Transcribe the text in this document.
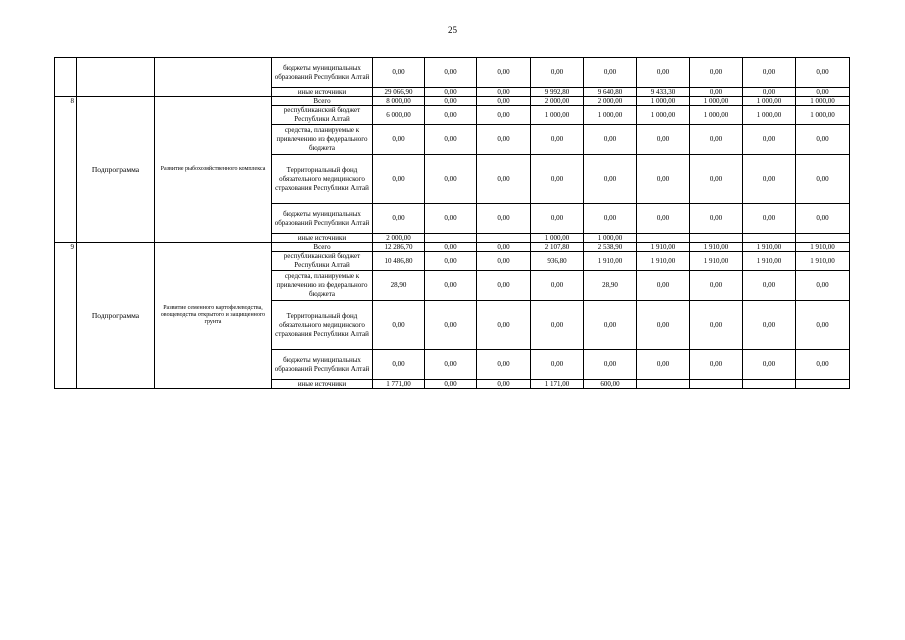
25
			бюджеты муниципальных образований Республики Алтай	0,00	0,00	0,00	0,00	0,00	0,00	0,00	0,00	0,00
			иные источники	29 066,90	0,00	0,00	9 992,80	9 640,80	9 433,30	0,00	0,00	0,00
8	Подпрограмма	Развитие рыбохозяйственного комплекса	Всего	8 000,00	0,00	0,00	2 000,00	2 000,00	1 000,00	1 000,00	1 000,00	1 000,00
			республиканский бюджет Республики Алтай	6 000,00	0,00	0,00	1 000,00	1 000,00	1 000,00	1 000,00	1 000,00	1 000,00
			средства, планируемые к привлечению из федерального бюджета	0,00	0,00	0,00	0,00	0,00	0,00	0,00	0,00	0,00
			Территориальный фонд обязательного медицинского страхования Республики Алтай	0,00	0,00	0,00	0,00	0,00	0,00	0,00	0,00	0,00
			бюджеты муниципальных образований Республики Алтай	0,00	0,00	0,00	0,00	0,00	0,00	0,00	0,00	0,00
			иные источники	2 000,00			1 000,00	1 000,00				
9	Подпрограмма	Развитие семенного картофелеводства, овощеводства открытого и защищенного грунта	Всего	12 286,70	0,00	0,00	2 107,80	2 538,90	1 910,00	1 910,00	1 910,00	1 910,00
			республиканский бюджет Республики Алтай	10 486,80	0,00	0,00	936,80	1 910,00	1 910,00	1 910,00	1 910,00	1 910,00
			средства, планируемые к привлечению из федерального бюджета	28,90	0,00	0,00	0,00	28,90	0,00	0,00	0,00	0,00
			Территориальный фонд обязательного медицинского страхования Республики Алтай	0,00	0,00	0,00	0,00	0,00	0,00	0,00	0,00	0,00
			бюджеты муниципальных образований Республики Алтай	0,00	0,00	0,00	0,00	0,00	0,00	0,00	0,00	0,00
			иные источники	1 771,00	0,00	0,00	1 171,00	600,00				
